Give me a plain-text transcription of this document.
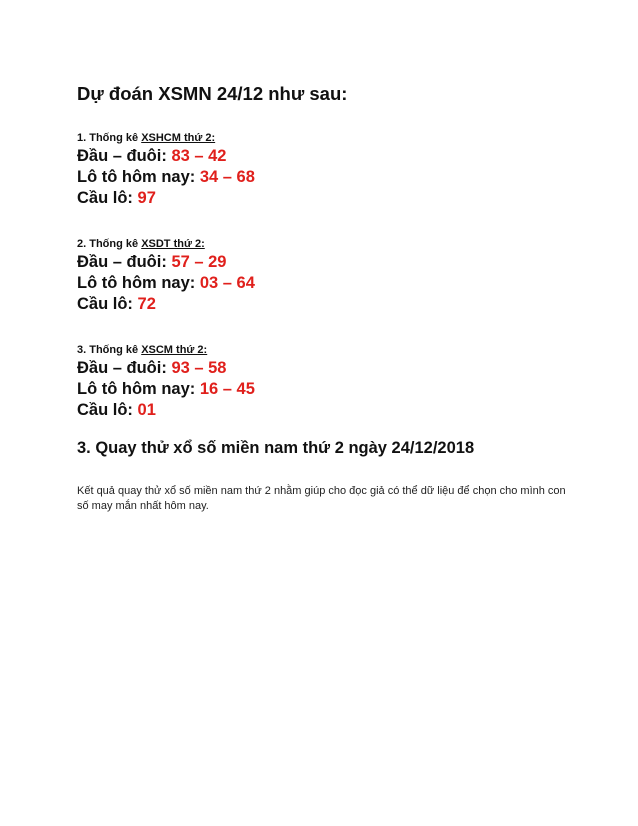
Dự đoán XSMN 24/12 như sau:
1. Thống kê XSHCM thứ 2:
Đầu – đuôi: 83 – 42
Lô tô hôm nay: 34 – 68
Cầu lô: 97
2. Thống kê XSDT thứ 2:
Đầu – đuôi: 57 – 29
Lô tô hôm nay: 03 – 64
Cầu lô: 72
3. Thống kê XSCM thứ 2:
Đầu – đuôi: 93 – 58
Lô tô hôm nay: 16 – 45
Cầu lô: 01
3. Quay thử xổ số miền nam thứ 2 ngày 24/12/2018
Kết quả quay thử xổ số miền nam thứ 2 nhằm giúp cho đọc giả có thể dữ liệu để chọn cho mình con số may mắn nhất hôm nay.
